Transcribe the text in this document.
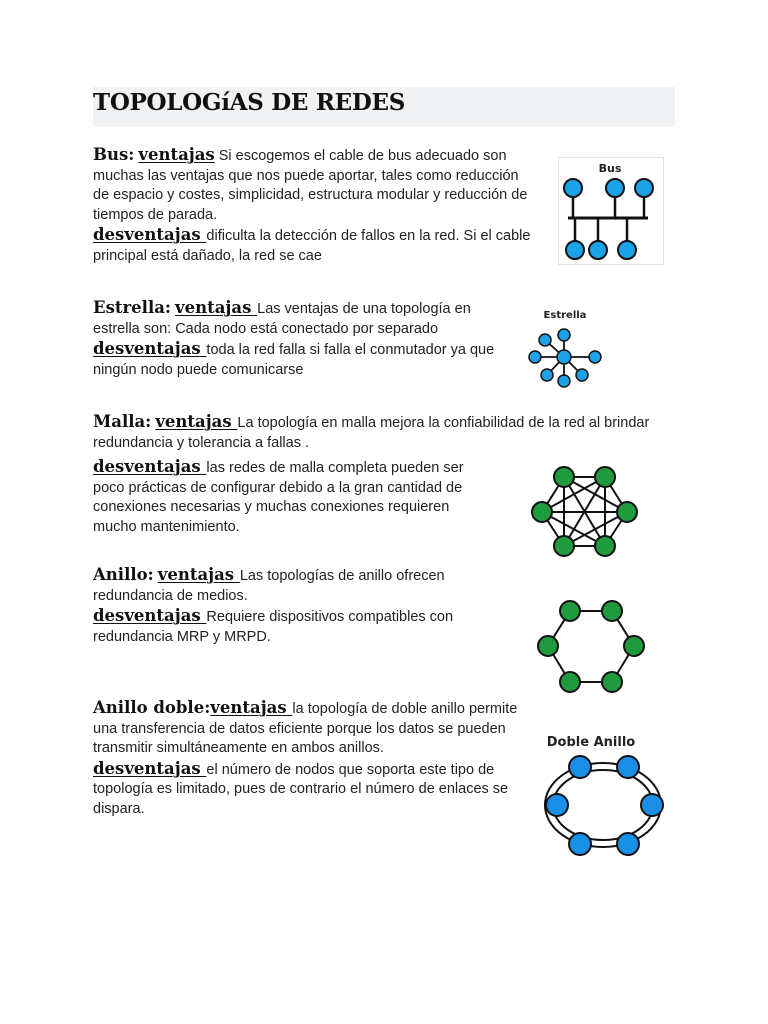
TOPOLOGíAS DE REDES

Bus: ventajas Si escogemos el cable de bus adecuado son muchas las ventajas que nos puede aportar, tales como reducción de espacio y costes, simplicidad, estructura modular y reducción de tiempos de parada.

desventajas dificulta la detección de fallos en la red. Si el cable principal está dañado, la red se cae

Bus

Estrella: ventajas Las ventajas de una topología en estrella son: Cada nodo está conectado por separado

desventajas toda la red falla si falla el conmutador ya que ningún nodo puede comunicarse

Estrella

Malla: ventajas La topología en malla mejora la confiabilidad de la red al brindar redundancia y tolerancia a fallas .

desventajas las redes de malla completa pueden ser poco prácticas de configurar debido a la gran cantidad de conexiones necesarias y muchas conexiones requieren mucho mantenimiento.

Anillo: ventajas Las topologías de anillo ofrecen redundancia de medios.

desventajas Requiere dispositivos compatibles con redundancia MRP y MRPD.

Anillo doble:ventajas la topología de doble anillo permite una transferencia de datos eficiente porque los datos se pueden transmitir simultáneamente en ambos anillos.

desventajas el número de nodos que soporta este tipo de topología es limitado, pues de contrario el número de enlaces se dispara.

Doble Anillo
